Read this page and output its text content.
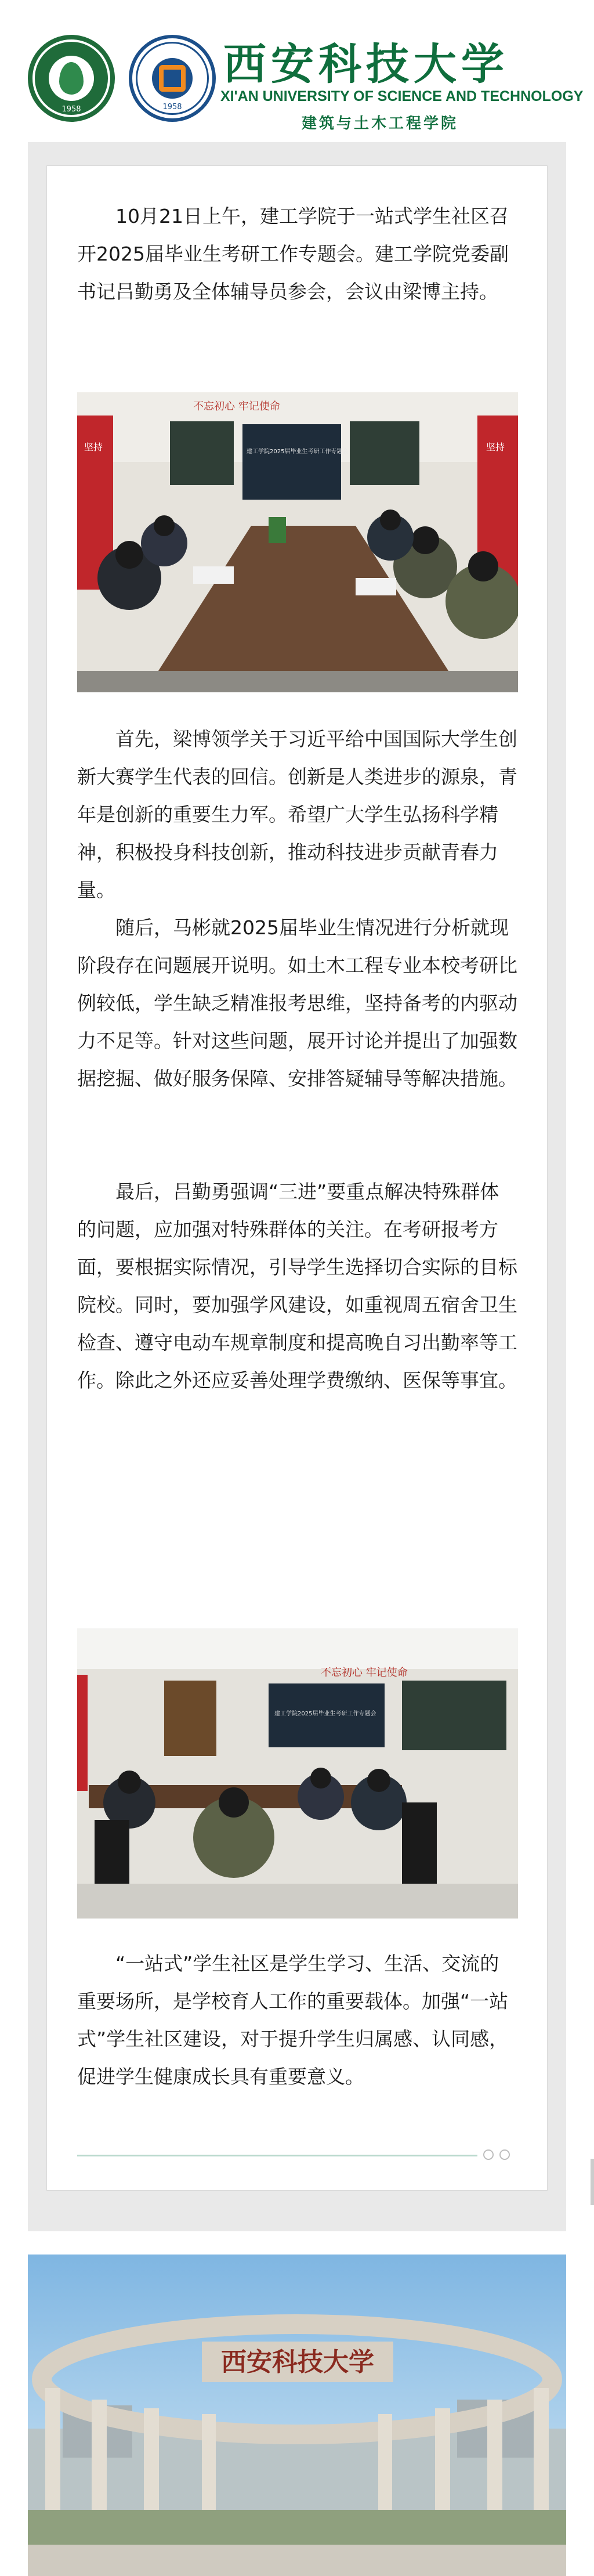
1958	1958
西安科技大学
XI'AN UNIVERSITY OF SCIENCE AND TECHNOLOGY
建筑与土木工程学院

10月21日上午，建工学院于一站式学生社区召开2025届毕业生考研工作专题会。建工学院党委副书记吕勤勇及全体辅导员参会，会议由梁博主持。

不忘初心 牢记使命
坚持	坚持
建工学院2025届毕业生考研工作专题会

首先，梁博领学关于习近平给中国国际大学生创新大赛学生代表的回信。创新是人类进步的源泉，青年是创新的重要生力军。希望广大学生弘扬科学精神，积极投身科技创新，推动科技进步贡献青春力量。

随后，马彬就2025届毕业生情况进行分析就现阶段存在问题展开说明。如土木工程专业本校考研比例较低，学生缺乏精准报考思维，坚持备考的内驱动力不足等。针对这些问题，展开讨论并提出了加强数据挖掘、做好服务保障、安排答疑辅导等解决措施。

最后，吕勤勇强调“三进”要重点解决特殊群体的问题，应加强对特殊群体的关注。在考研报考方面，要根据实际情况，引导学生选择切合实际的目标院校。同时，要加强学风建设，如重视周五宿舍卫生检查、遵守电动车规章制度和提高晚自习出勤率等工作。除此之外还应妥善处理学费缴纳、医保等事宜。

不忘初心 牢记使命
建工学院2025届毕业生考研工作专题会

“一站式”学生社区是学生学习、生活、交流的重要场所，是学校育人工作的重要载体。加强“一站式”学生社区建设，对于提升学生归属感、认同感，促进学生健康成长具有重要意义。

西安科技大学
